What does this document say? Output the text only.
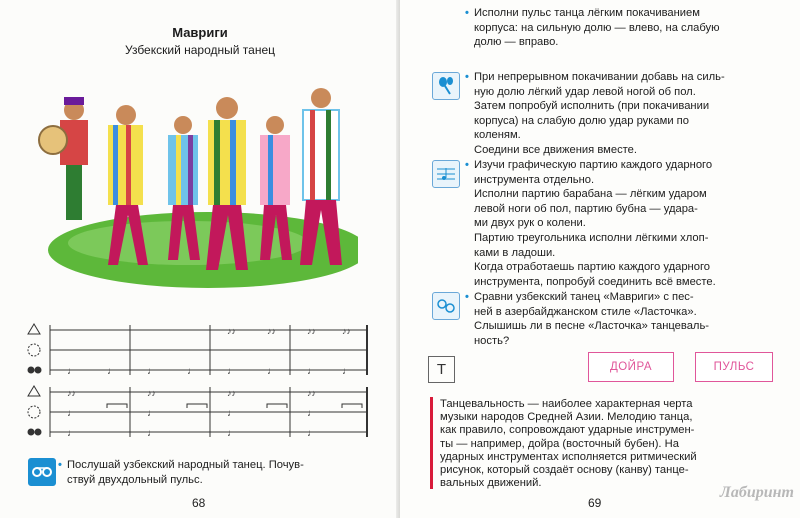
Мавриги
Узбекский народный танец
♩	♩	♩	♩	♩	♩	♩	♩
♪♪	♪♪	♪♪	♪♪
♪♪	♪♪	♪♪	♪♪
♩	♩	♩	♩
♩	♩	♩	♩
• Послушай узбекский народный танец. Почув-
ствуй двухдольный пульс.
68
• Исполни пульс танца лёгким покачиванием
корпуса: на сильную долю — влево, на слабую
долю — вправо.
• При непрерывном покачивании добавь на силь-
ную долю лёгкий удар левой ногой об пол.
Затем попробуй исполнить (при покачивании
корпуса) на слабую долю удар руками по
коленям.
Соедини все движения вместе.
• Изучи графическую партию каждого ударного
инструмента отдельно.
Исполни партию барабана — лёгким ударом
левой ноги об пол, партию бубна — удара-
ми двух рук о колени.
Партию треугольника исполни лёгкими хлоп-
ками в ладоши.
Когда отработаешь партию каждого ударного
инструмента, попробуй соединить всё вместе.
• Сравни узбекский танец «Мавриги» с пес-
ней в азербайджанском стиле «Ласточка».
Слышишь ли в песне «Ласточка» танцеваль-
ность?
Т	ДОЙРА	ПУЛЬС
Танцевальность — наиболее характерная черта
музыки народов Средней Азии. Мелодию танца,
как правило, сопровождают ударные инструмен-
ты — например, дойра (восточный бубен). На
ударных инструментах исполняется ритмический
рисунок, который создаёт основу (канву) танце-
вальных движений.
69
Лабиринт
